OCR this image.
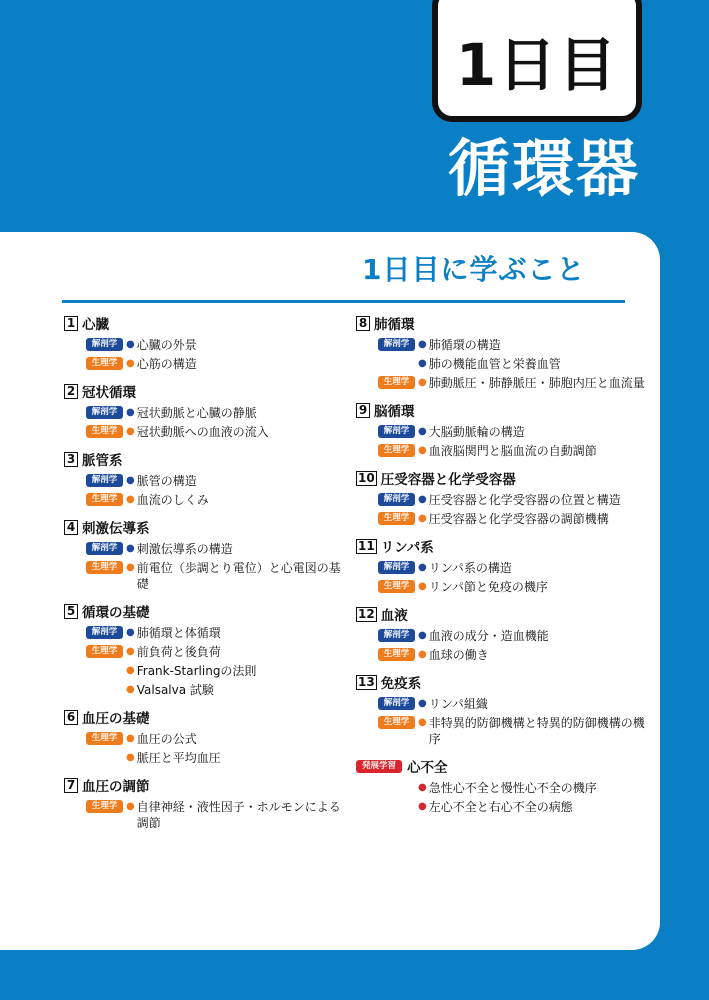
1日目
循環器
1日目に学ぶこと
1 心臓
解剖学 ● 心臓の外景
生理学 ● 心筋の構造
2 冠状循環
解剖学 ● 冠状動脈と心臓の静脈
生理学 ● 冠状動脈への血液の流入
3 脈管系
解剖学 ● 脈管の構造
生理学 ● 血流のしくみ
4 刺激伝導系
解剖学 ● 刺激伝導系の構造
生理学 ● 前電位（歩調とり電位）と心電図の基礎
5 循環の基礎
解剖学 ● 肺循環と体循環
生理学 ● 前負荷と後負荷
● Frank-Starlingの法則
● Valsalva 試験
6 血圧の基礎
生理学 ● 血圧の公式
● 脈圧と平均血圧
7 血圧の調節
生理学 ● 自律神経・液性因子・ホルモンによる調節
8 肺循環
解剖学 ● 肺循環の構造
● 肺の機能血管と栄養血管
生理学 ● 肺動脈圧・肺静脈圧・肺胞内圧と血流量
9 脳循環
解剖学 ● 大脳動脈輪の構造
生理学 ● 血液脳関門と脳血流の自動調節
10 圧受容器と化学受容器
解剖学 ● 圧受容器と化学受容器の位置と構造
生理学 ● 圧受容器と化学受容器の調節機構
11 リンパ系
解剖学 ● リンパ系の構造
生理学 ● リンパ節と免疫の機序
12 血液
解剖学 ● 血液の成分・造血機能
生理学 ● 血球の働き
13 免疫系
解剖学 ● リンパ組織
生理学 ● 非特異的防御機構と特異的防御機構の機序
発展学習 心不全
● 急性心不全と慢性心不全の機序
● 左心不全と右心不全の病態
